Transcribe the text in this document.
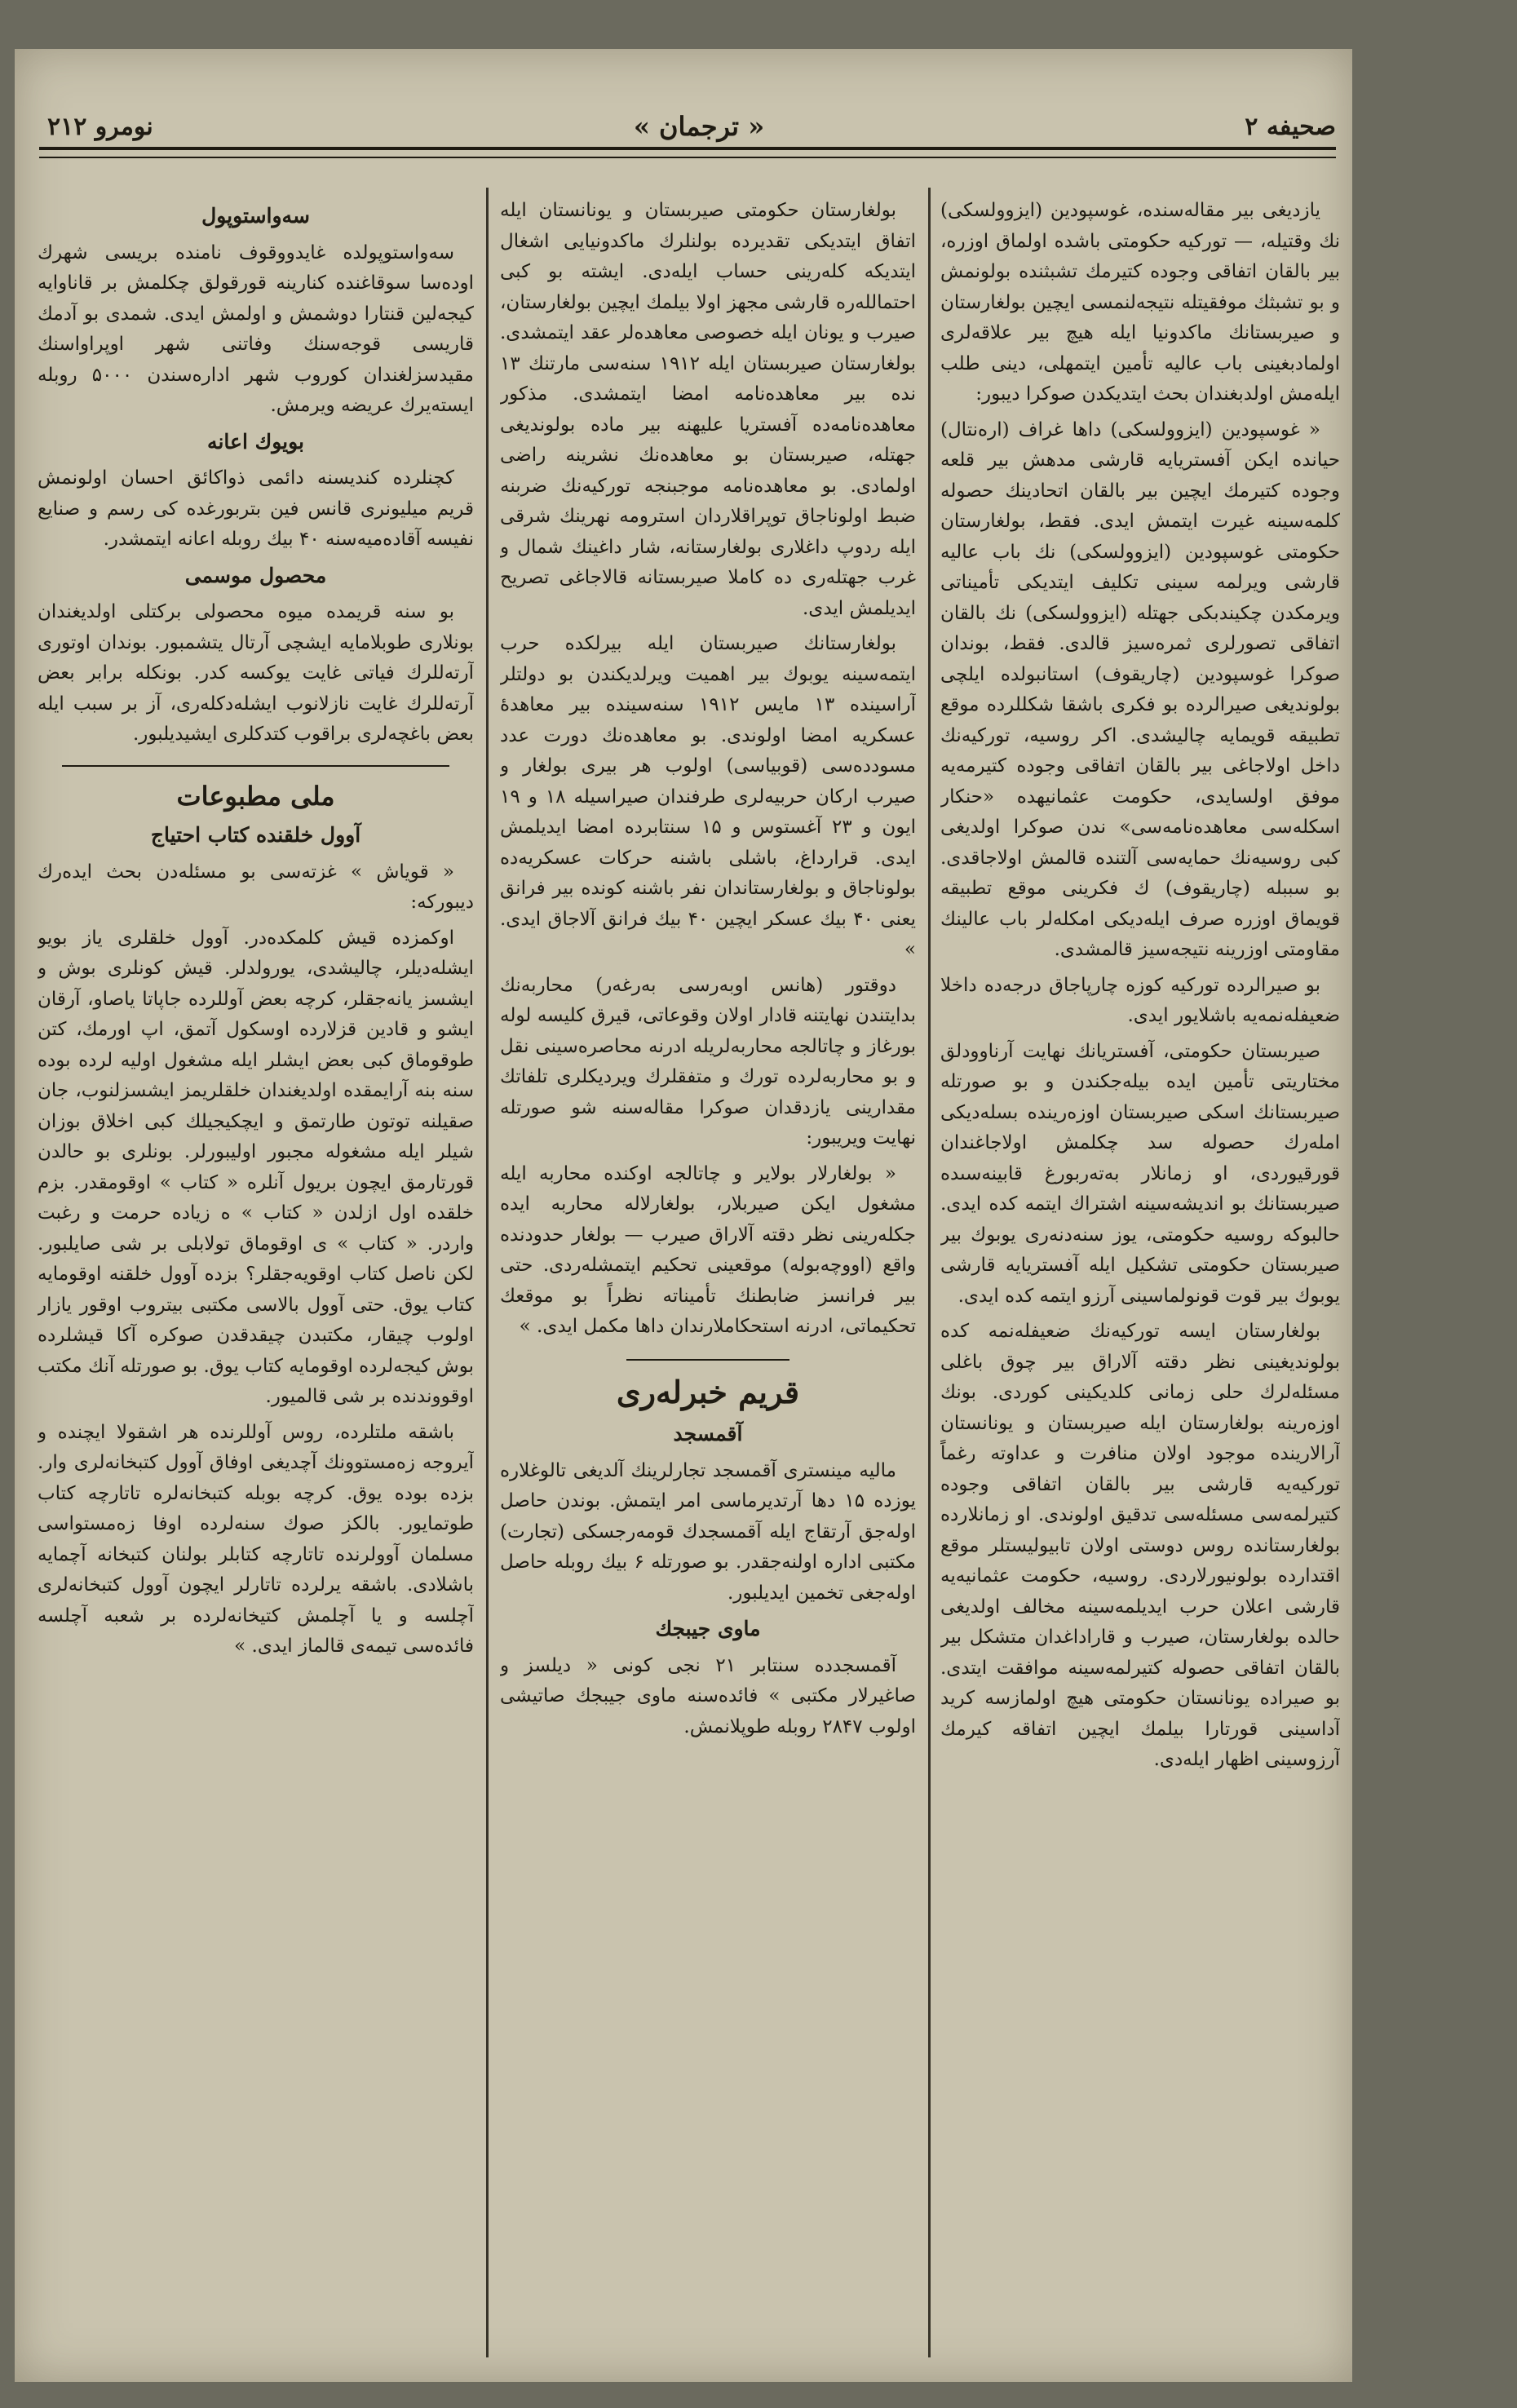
صحيفه ۲
« ترجمان »
نومرو ۲۱۲

يازديغى بير مقالەسنده، غوسپودين (ايزوولسكى) نك وقتيله، — توركيه حكومتى باشده اولماق اوزره، بير بالقان اتفاقى وجوده كتيرمك تشبثنده بولونمش و بو تشبثك موفقيتله نتيجەلنمسى ايچين بولغارستان و صيربستانك ماكدونيا ايله هيچ بير علاقەلرى اولمادبغينى باب عاليه تأمين ايتمهلى، دينى طلب ايلەمش اولدبغندان بحث ايتديكدن صوكرا ديبور:

« غوسپودين (ايزوولسكى) داها غراف (ارەنتال) حيانده ايكن آفستريايه قارشى مدهش بير قلعه وجوده كتيرمك ايچين بير بالقان اتحادينك حصوله كلمەسينه غيرت ايتمش ايدى. فقط، بولغارستان حكومتى غوسپودين (ايزوولسكى) نك باب عاليه قارشى ويرلمه سينى تكليف ايتديكى تأميناتى ويرمكدن چكيندبكى جهتله (ايزوولسكى) نك بالقان اتفاقى تصورلرى ثمرەسيز قالدى. فقط، بوندان صوكرا غوسپودين (چاريقوف) استانبولده ايلچى بولونديغى صيرالرده بو فكرى باشقا شكللرده موقع تطبيقه قويمايه چاليشدى. اكر روسيه، توركيەنك داخل اولاجاغى بير بالقان اتفاقى وجوده كتيرمەيه موفق اولسايدى، حكومت عثمانيهده «حنكار اسكلەسى معاهدەنامەسى» ندن صوكرا اولديغى كبى روسيەنك حمايەسى آلتنده قالمش اولاجاقدى. بو سببله (چاريقوف) ك فكرينى موقع تطبيقه قويماق اوزره صرف ايلەديكى امكلەلر باب عالينك مقاومتى اوزرينه نتيجەسيز قالمشدى.

بو صيرالرده توركيه كوزه چارپاجاق درجەده داخلا ضعيفلەنمەيه باشلايور ايدى.

صيربستان حكومتى، آفستريانك نهايت آرناوودلق مختاريتى تأمين ايده بيلەجكندن و بو صورتله صيربستانك اسكى صيربستان اوزەرينده بسلەديكى املەرك حصوله سد چكلمش اولاجاغندان قورقيوردى، او زمانلار بەتەربورغ قابينەسىده صيربستانك بو اندیشەسينه اشتراك ايتمه كده ايدى. حالبوكه روسيه حكومتى، يوز سنەدنەرى يوبوك بير صيربستان حكومتى تشكيل ايله آفستريايه قارشى يوبوك بير قوت قونولماسينى آرزو ايتمه كده ايدى.

بولغارستان ايسه توركيەنك ضعيفلەنمه كده بولونديغينى نظر دقته آلاراق بير چوق باغلى مسئلەلرك حلى زمانى كلديكينى كوردى. بونك اوزەرينه بولغارستان ايله صيربستان و يونانستان آرالارينده موجود اولان منافرت و عداوته رغماً توركيەيه قارشى بير بالقان اتفاقى وجوده كتيرلمەسى مسئلەسى تدقيق اولوندى. او زمانلارده بولغارستانده روس دوستى اولان تابيوليستلر موقع اقتدارده بولونيورلاردى. روسيه، حكومت عثمانيەيه قارشى اعلان حرب ايديلمەسينه مخالف اولديغى حالده بولغارستان، صيرب و قاراداغدان متشكل بير بالقان اتفاقى حصوله كتيرلمەسينه موافقت ايتدى. بو صيراده يونانستان حكومتى هيچ اولمازسه كريد آداسينى قورتارا بيلمك ايچين اتفاقه كيرمك آرزوسينى اظهار ايلەدى.

بولغارستان حكومتى صيربستان و يونانستان ايله اتفاق ايتديكى تقديرده بولنلرك ماكدونيايى اشغال ايتديكه كلەرينى حساب ايلەدى. ايشته بو كبى احتماللەره قارشى مجهز اولا بيلمك ايچين بولغارستان، صيرب و يونان ايله خصوصى معاهدەلر عقد ايتمشدى. بولغارستان صيربستان ايله ۱۹۱۲ سنەسى مارتنك ۱۳ نده بير معاهدەنامه امضا ايتمشدى. مذكور معاهدەنامەده آفستريا عليهنه بير ماده بولونديغى جهتله، صيربستان بو معاهدەنك نشرينه راضى اولمادى. بو معاهدەنامه موجبنجه توركيەنك ضربنه ضبط اولوناجاق توپراقلاردان استرومه نهرينك شرقى ايله ردوپ داغلارى بولغارستانه، شار داغينك شمال و غرب جهتلەرى ده كاملا صيربستانه قالاجاغى تصريح ايديلمش ايدى.

بولغارستانك صيربستان ايله بيرلكده حرب ايتمەسينه يوبوك بير اهميت ويرلديكندن بو دولتلر آراسينده ۱۳ مايس ۱۹۱۲ سنەسينده بير معاهدۀ عسكريه امضا اولوندى. بو معاهدەنك دورت عدد مسوددەسى (قوبياسى) اولوب هر بيرى بولغار و صيرب اركان حربيەلرى طرفندان صيراسيله ۱۸ و ۱۹ ايون و ۲۳ آغستوس و ۱۵ سنتابرده امضا ايديلمش ايدى. قرارداغ، باشلى باشنه حركات عسكريەده بولوناجاق و بولغارستاندان نفر باشنه كوندە بير فرانق يعنى ۴۰ بيك عسكر ايچين ۴۰ بيك فرانق آلاجاق ايدى. »

دوقتور (هانس اوبەرسى بەرغەر) محاربەنك بدايتندن نهايتنه قادار اولان وقوعاتى، قيرق كليسه لوله بورغاز و چاتالجه محاربەلريله ادرنه محاصرەسينى نقل و بو محاربەلرده تورك و متفقلرك ويرديكلرى تلفاتك مقدارينى يازدقدان صوكرا مقالەسنه شو صورتله نهايت ويريبور:

« بولغارلار بولاير و چاتالجه اوكنده محاربه ايله مشغول ايكن صيربلار، بولغارلاله محاربه ايده جكلەرينى نظر دقته آلاراق صيرب — بولغار حدودنده واقع (اووچەبوله) موقعينى تحكيم ايتمشلەردى. حتى بير فرانسز ضابطنك تأميناته نظراً بو موقعك تحكيماتى، ادرنه استحكاملارندان داها مكمل ايدى. »

قريم خبرلەرى
آقمسجد

ماليه مينسترى آقمسجد تجارلرينك آلديغى تالوغلاره يوزده ۱۵ دها آرتديرماسى امر ايتمش. بوندن حاصل اولەجق آرتقاج ايله آقمسجدك قومەرجسكى (تجارت) مكتبى اداره اولنەجقدر. بو صورتله ۶ بيك روبله حاصل اولەجغى تخمين ايديلبور.

ماوى جيبجك

آقمسجدده سنتابر ۲۱ نجى كونى « ديلسز و صاغيرلار مكتبى » فائدەسنه ماوى جيبجك صاتيشى اولوب ۲۸۴۷ روبله طوپلانمش.

سەواستوپول

سەواستوپولده غايدووقوف نامنده بريسى شهرك اودەسا سوقاغنده كنارينه قورقولق چكلمش بر قاناوايه كيجەلين قنتارا دوشمش و اولمش ايدى. شمدى بو آدمك قاريسى قوجەسنك وفاتنى شهر اوپراواسنك مقيدسزلغندان كوروب شهر ادارەسندن ۵۰۰۰ روبله ايستەيرك عريضه ويرمش.

بويوك اعانه

كچنلرده كنديسنه دائمى ذواكائق احسان اولونمش قريم ميليونرى قانس فين بتربورغده كى رسم و صنايع نفيسه آقادەميەسنه ۴۰ بيك روبله اعانه ايتمشدر.

محصول موسمى

بو سنه قريمده ميوه محصولى بركتلى اولديغندان بونلارى طوبلامايه ايشچى آرتال يتشمبور. بوندان اوتورى آرتەللرك فياتى غايت يوكسه كدر. بونكله برابر بعض آرتەللرك غايت نازلانوب ايشلەدكلەرى، آز بر سبب ايله بعض باغچەلرى براقوب كتدكلرى ايشيديلبور.

ملى مطبوعات
آوول خلقنده كتاب احتياج

« قوياش » غزتەسى بو مسئلەدن بحث ايدەرك ديبوركه:

اوكمزده قيش كلمكدەدر. آوول خلقلرى ياز بويو ايشلەديلر، چاليشدى، يورولدلر. قيش كونلرى بوش و ايشسز يانەجقلر، كرچه بعض آوللرده جاپاتا ياصاو، آرقان ايشو و قادين قزلارده اوسكول آتمق، اپ اورمك، كتن طوقوماق كبى بعض ايشلر ايله مشغول اوليه لرده بوده سنه بنه آرايمقده اولديغندان خلقلريمز ايشسزلنوب، جان صقيلنه توتون طارتمق و ايچكيجيلك كبى اخلاق بوزان شيلر ايله مشغوله مجبور اوليبورلر. بونلرى بو حالدن قورتارمق ايچون بريول آنلره « كتاب » اوقومقدر. بزم خلقده اول ازلدن « كتاب » ه زياده حرمت و رغبت واردر. « كتاب » ى اوقوماق تولابلى بر شى صايلبور. لكن ناصل كتاب اوقويەجقلر؟ بزده آوول خلقنه اوقومايه كتاب يوق. حتى آوول بالاسى مكتبى بيتروب اوقور يازار اولوب چيقار، مكتبدن چيقدقدن صوكره آكا قيشلرده بوش كيجەلرده اوقومايه كتاب يوق. بو صورتله آنك مكتب اوقووندنده بر شى قالميور.

باشقه ملتلرده، روس آوللرنده هر اشقولا ايچنده و آيروجه زەمستوونك آچديغى اوفاق آوول كتبخانەلرى وار. بزده بوده يوق. كرچه بوبله كتبخانەلره تاتارچه كتاب طوتمايور. بالكز صوك سنەلرده اوفا زەمستواسى مسلمان آوولرنده تاتارچه كتابلر بولنان كتبخانه آچمايه باشلادى. باشقه يرلرده تاتارلر ايچون آوول كتبخانەلرى آچلسه و يا آچلمش كتيخانەلرده بر شعبه آچلسه فائدەسى تيمەى قالماز ايدى. »
